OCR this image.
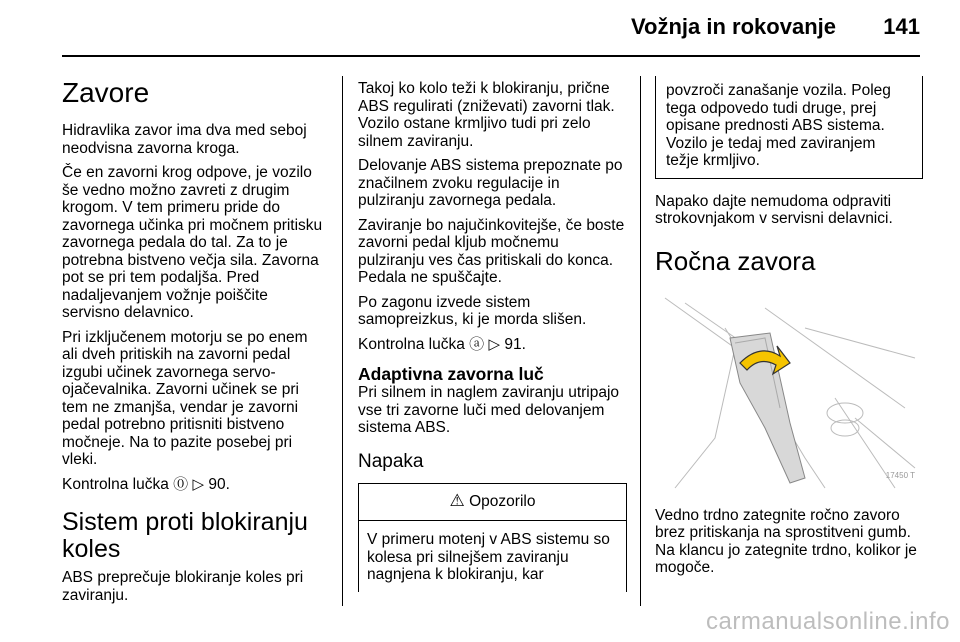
Vožnja in rokovanje 141
Zavore

Hidravlika zavor ima dva med seboj neodvisna zavorna kroga.

Če en zavorni krog odpove, je vozilo še vedno možno zavreti z drugim krogom. V tem primeru pride do zavornega učinka pri močnem pritisku zavornega pedala do tal. Za to je potrebna bistveno večja sila. Zavorna pot se pri tem podaljša. Pred nadaljevanjem vožnje poiščite servisno delavnico.

Pri izključenem motorju se po enem ali dveh pritiskih na zavorni pedal izgubi učinek zavornega servo-ojačevalnika. Zavorni učinek se pri tem ne zmanjša, vendar je zavorni pedal potrebno pritisniti bistveno močneje. Na to pazite posebej pri vleki.

Kontrolna lučka ⓪ ▷ 90.

Sistem proti blokiranju koles

ABS preprečuje blokiranje koles pri zaviranju.

Takoj ko kolo teži k blokiranju, prične ABS regulirati (zniževati) zavorni tlak. Vozilo ostane krmljivo tudi pri zelo silnem zaviranju.

Delovanje ABS sistema prepoznate po značilnem zvoku regulacije in pulziranju zavornega pedala.

Zaviranje bo najučinkovitejše, če boste zavorni pedal kljub močnemu pulziranju ves čas pritiskali do konca. Pedala ne spuščajte.

Po zagonu izvede sistem samopreizkus, ki je morda slišen.

Kontrolna lučka ⓐ ▷ 91.

Adaptivna zavorna luč

Pri silnem in naglem zaviranju utripajo vse tri zavorne luči med delovanjem sistema ABS.

Napaka
⚠ Opozorilo
V primeru motenj v ABS sistemu so kolesa pri silnejšem zaviranju nagnjena k blokiranju, kar
povzroči zanašanje vozila. Poleg tega odpovedo tudi druge, prej opisane prednosti ABS sistema. Vozilo je tedaj med zaviranjem težje krmljivo.

Napako dajte nemudoma odpraviti strokovnjakom v servisni delavnici.

Ročna zavora
17450 T

Vedno trdno zategnite ročno zavoro brez pritiskanja na sprostitveni gumb. Na klancu jo zategnite trdno, kolikor je mogoče.

carmanualsonline.info
